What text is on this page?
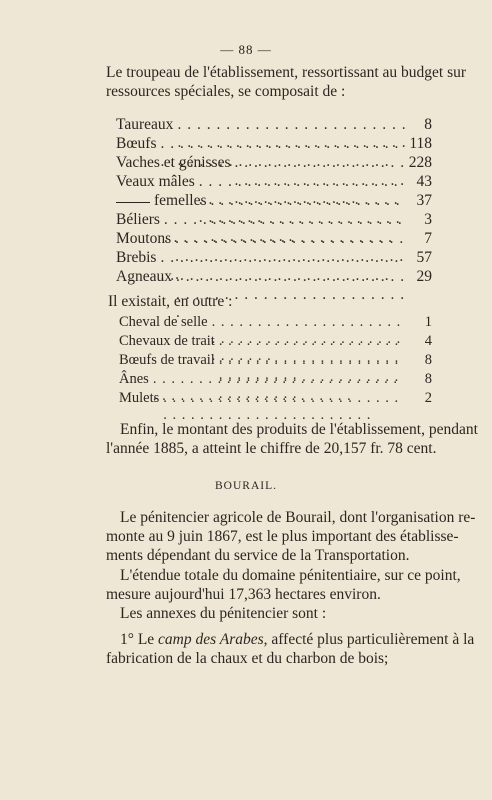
— 88 —
Le troupeau de l'établissement, ressortissant au budget sur
ressources spéciales, se composait de :
Taureaux . . .	8
Bœufs . . .	118
Vaches et génisses . . .	228
Veaux mâles . . .	43
femelles . . .	37
Béliers . . .	3
Moutons . . .	7
Brebis . . .	57
Agneaux . . .	29
Il existait, en outre :
Cheval de selle . . .	1
Chevaux de trait . . .	4
Bœufs de travail . . .	8
Ânes . . .	8
Mulets . . .	2
Enfin, le montant des produits de l'établissement, pendant
l'année 1885, a atteint le chiffre de 20,157 fr. 78 cent.
BOURAIL.
Le pénitencier agricole de Bourail, dont l'organisation re-
monte au 9 juin 1867, est le plus important des établisse-
ments dépendant du service de la Transportation.
L'étendue totale du domaine pénitentiaire, sur ce point,
mesure aujourd'hui 17,363 hectares environ.
Les annexes du pénitencier sont :
1° Le camp des Arabes, affecté plus particulièrement à la
fabrication de la chaux et du charbon de bois;
